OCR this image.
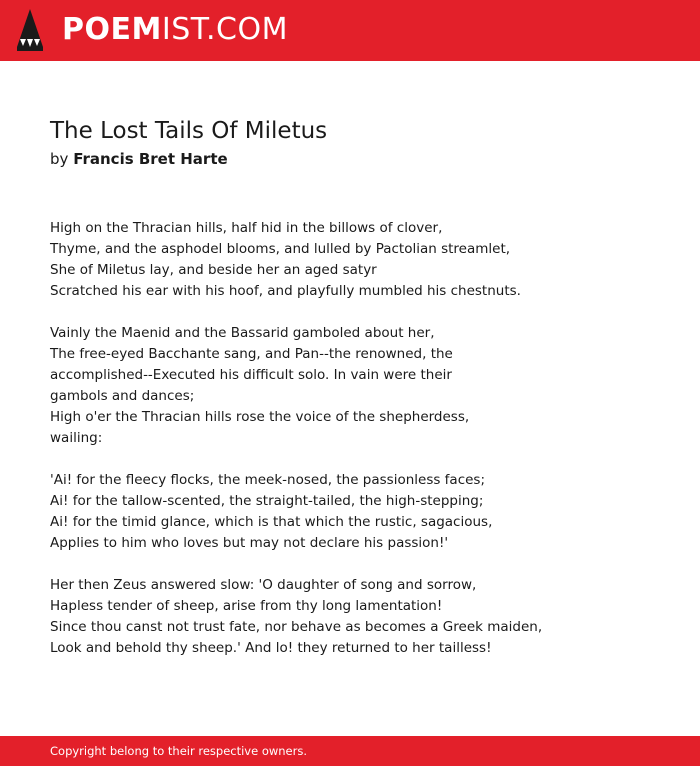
POEMIST.COM
The Lost Tails Of Miletus
by Francis Bret Harte
High on the Thracian hills, half hid in the billows of clover,
Thyme, and the asphodel blooms, and lulled by Pactolian streamlet,
She of Miletus lay, and beside her an aged satyr
Scratched his ear with his hoof, and playfully mumbled his chestnuts.
Vainly the Maenid and the Bassarid gamboled about her,
The free-eyed Bacchante sang, and Pan--the renowned, the
accomplished--Executed his difficult solo. In vain were their
gambols and dances;
High o'er the Thracian hills rose the voice of the shepherdess,
wailing:
'Ai! for the fleecy flocks, the meek-nosed, the passionless faces;
Ai! for the tallow-scented, the straight-tailed, the high-stepping;
Ai! for the timid glance, which is that which the rustic, sagacious,
Applies to him who loves but may not declare his passion!'
Her then Zeus answered slow: 'O daughter of song and sorrow,
Hapless tender of sheep, arise from thy long lamentation!
Since thou canst not trust fate, nor behave as becomes a Greek maiden,
Look and behold thy sheep.' And lo! they returned to her tailless!
Copyright belong to their respective owners.
